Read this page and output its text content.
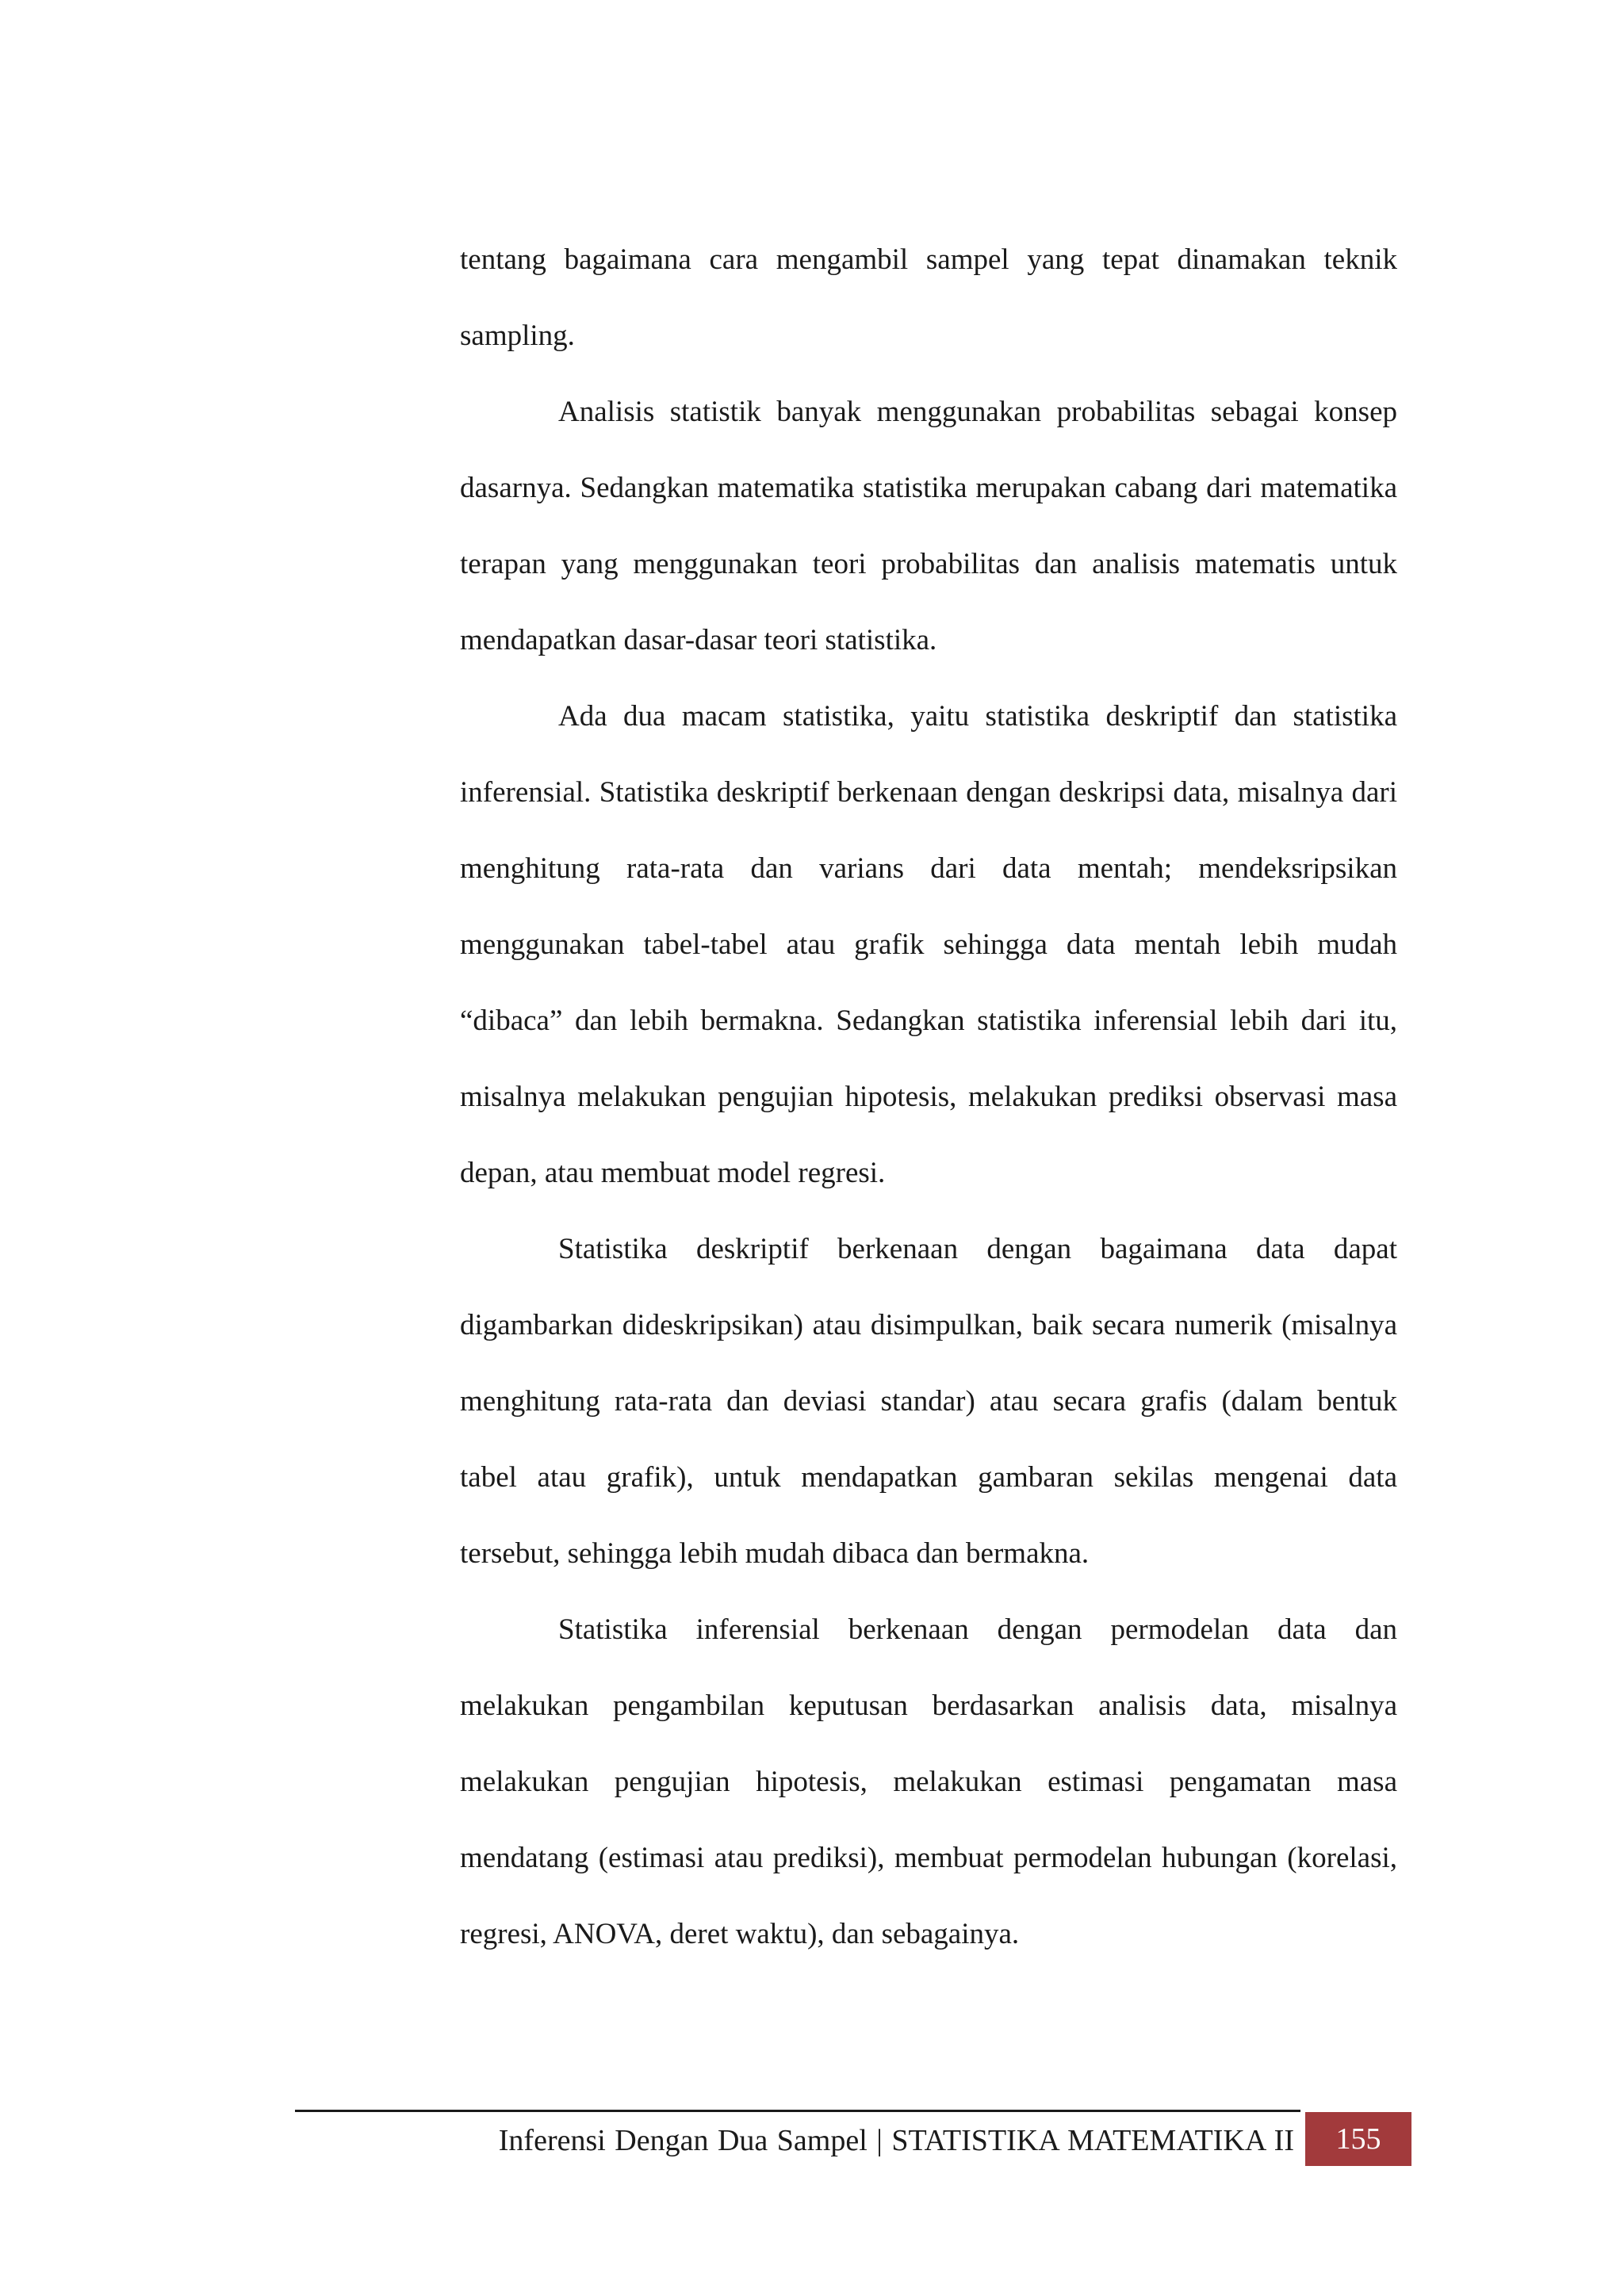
tentang bagaimana cara mengambil sampel yang tepat dinamakan teknik sampling.

Analisis statistik banyak menggunakan probabilitas sebagai konsep dasarnya. Sedangkan matematika statistika merupakan cabang dari matematika terapan yang menggunakan teori probabilitas dan analisis matematis untuk mendapatkan dasar-dasar teori statistika.

Ada dua macam statistika, yaitu statistika deskriptif dan statistika inferensial. Statistika deskriptif berkenaan dengan deskripsi data, misalnya dari menghitung rata-rata dan varians dari data mentah; mendeksripsikan menggunakan tabel-tabel atau grafik sehingga data mentah lebih mudah “dibaca” dan lebih bermakna. Sedangkan statistika inferensial lebih dari itu, misalnya melakukan pengujian hipotesis, melakukan prediksi observasi masa depan, atau membuat model regresi.

Statistika deskriptif berkenaan dengan bagaimana data dapat digambarkan dideskripsikan) atau disimpulkan, baik secara numerik (misalnya menghitung rata-rata dan deviasi standar) atau secara grafis (dalam bentuk tabel atau grafik), untuk mendapatkan gambaran sekilas mengenai data tersebut, sehingga lebih mudah dibaca dan bermakna.

Statistika inferensial berkenaan dengan permodelan data dan melakukan pengambilan keputusan berdasarkan analisis data, misalnya melakukan pengujian hipotesis, melakukan estimasi pengamatan masa mendatang (estimasi atau prediksi), membuat permodelan hubungan (korelasi, regresi, ANOVA, deret waktu), dan sebagainya.

Inferensi Dengan Dua Sampel | STATISTIKA MATEMATIKA II	155
